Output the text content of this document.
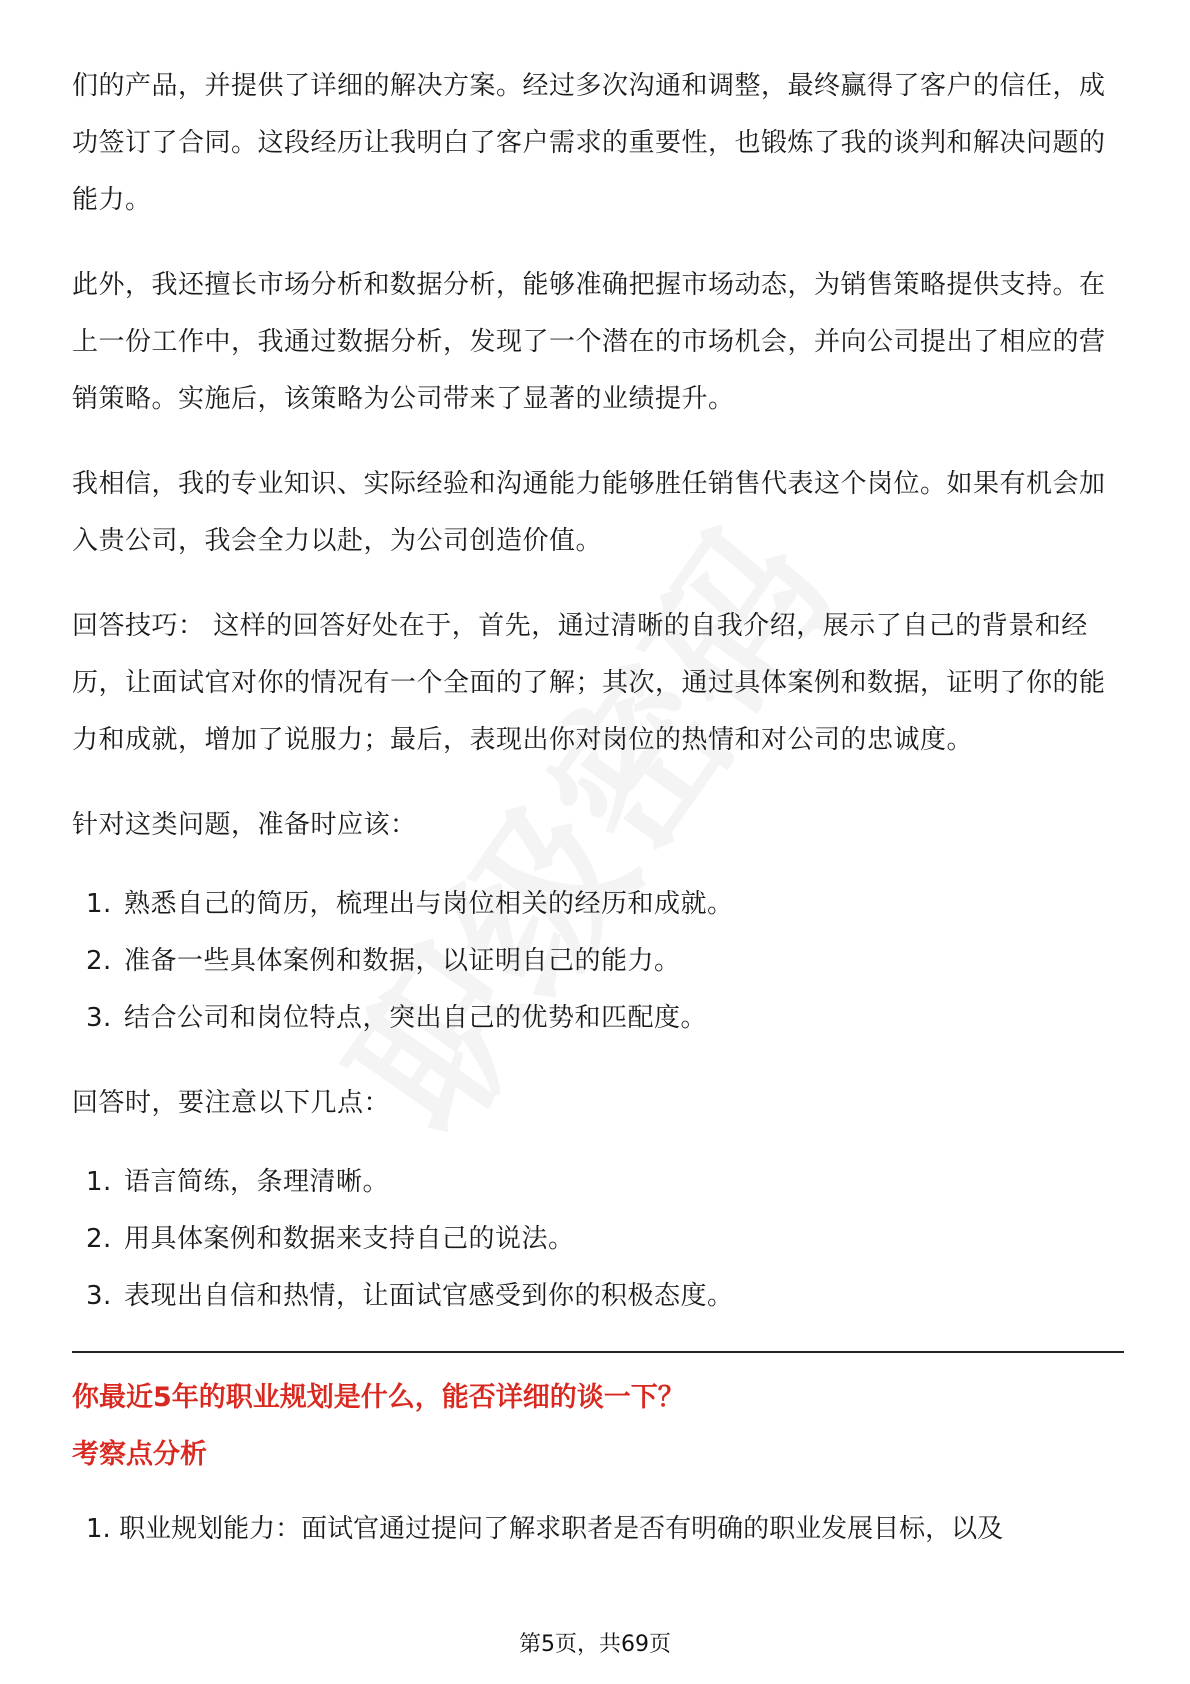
们的产品，并提供了详细的解决方案。经过多次沟通和调整，最终赢得了客户的信任，成功签订了合同。这段经历让我明白了客户需求的重要性，也锻炼了我的谈判和解决问题的能力。

此外，我还擅长市场分析和数据分析，能够准确把握市场动态，为销售策略提供支持。在上一份工作中，我通过数据分析，发现了一个潜在的市场机会，并向公司提出了相应的营销策略。实施后，该策略为公司带来了显著的业绩提升。

我相信，我的专业知识、实际经验和沟通能力能够胜任销售代表这个岗位。如果有机会加入贵公司，我会全力以赴，为公司创造价值。

回答技巧： 这样的回答好处在于，首先，通过清晰的自我介绍，展示了自己的背景和经历，让面试官对你的情况有一个全面的了解；其次，通过具体案例和数据，证明了你的能力和成就，增加了说服力；最后，表现出你对岗位的热情和对公司的忠诚度。

针对这类问题，准备时应该：

1. 熟悉自己的简历，梳理出与岗位相关的经历和成就。
2. 准备一些具体案例和数据，以证明自己的能力。
3. 结合公司和岗位特点，突出自己的优势和匹配度。

回答时，要注意以下几点：

1. 语言简练，条理清晰。
2. 用具体案例和数据来支持自己的说法。
3. 表现出自信和热情，让面试官感受到你的积极态度。

你最近5年的职业规划是什么，能否详细的谈一下？

考察点分析

1. 职业规划能力：面试官通过提问了解求职者是否有明确的职业发展目标，以及
第5页，共69页
